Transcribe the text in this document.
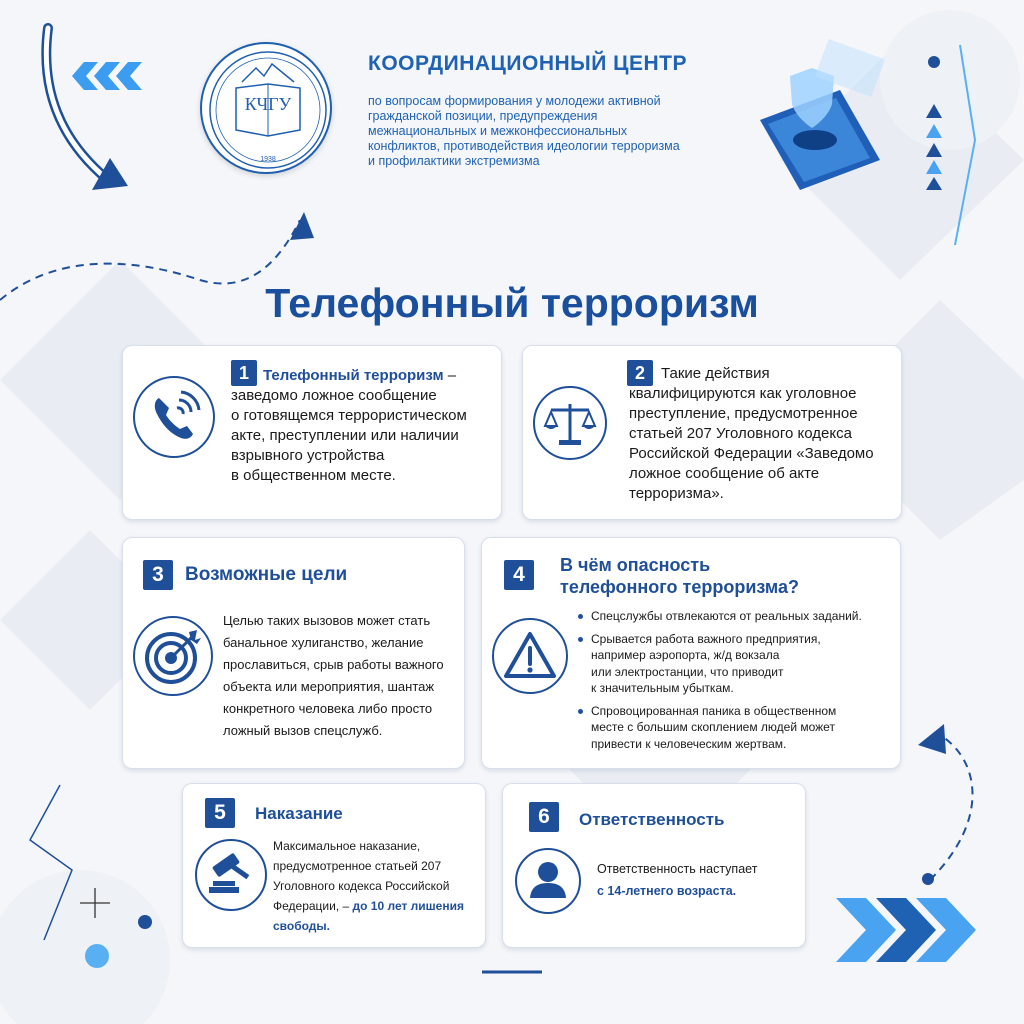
КЧГУ
1938
КООРДИНАЦИОННЫЙ ЦЕНТР
по вопросам формирования у молодежи активной
гражданской позиции, предупреждения
межнациональных и межконфессиональных
конфликтов, противодействия идеологии терроризма
и профилактики экстремизма
Телефонный терроризм
1 Телефонный терроризм –
заведомо ложное сообщение
о готовящемся террористическом
акте, преступлении или наличии
взрывного устройства
в общественном месте.
2	Такие действия
квалифицируются как уголовное
преступление, предусмотренное
статьей 207 Уголовного кодекса
Российской Федерации «Заведомо
ложное сообщение об акте
терроризма».
3	Возможные цели
Целью таких вызовов может стать
банальное хулиганство, желание
прославиться, срыв работы важного
объекта или мероприятия, шантаж
конкретного человека либо просто
ложный вызов спецслужб.
4	В чём опасность
телефонного терроризма?
Спецслужбы отвлекаются от реальных заданий.
Срывается работа важного предприятия,
например аэропорта, ж/д вокзала
или электростанции, что приводит
к значительным убыткам.
Спровоцированная паника в общественном
месте с большим скоплением людей может
привести к человеческим жертвам.
5	Наказание
Максимальное наказание,
предусмотренное статьей 207
Уголовного кодекса Российской
Федерации, – до 10 лет лишения
свободы.
6	Ответственность
Ответственность наступает
с 14-летнего возраста.
